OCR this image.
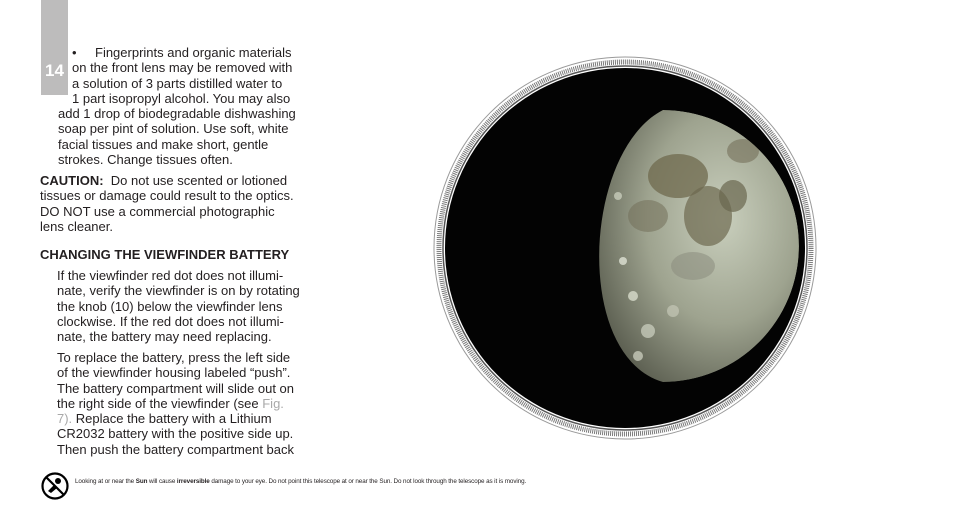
14
• Fingerprints and organic materials
on the front lens may be removed with
a solution of 3 parts distilled water to
1 part isopropyl alcohol. You may also
add 1 drop of biodegradable dishwashing
soap per pint of solution. Use soft, white
facial tissues and make short, gentle
strokes. Change tissues often.
CAUTION: Do not use scented or lotioned
tissues or damage could result to the optics.
DO NOT use a commercial photographic
lens cleaner.
CHANGING THE VIEWFINDER BATTERY
If the viewfinder red dot does not illumi-
nate, verify the viewfinder is on by rotating
the knob (10) below the viewfinder lens
clockwise. If the red dot does not illumi-
nate, the battery may need replacing.
To replace the battery, press the left side
of the viewfinder housing labeled “push”.
The battery compartment will slide out on
the right side of the viewfinder (see Fig.
7). Replace the battery with a Lithium
CR2032 battery with the positive side up.
Then push the battery compartment back
Looking at or near the Sun will cause irreversible damage to your eye. Do not point this telescope at or near the Sun. Do not look through the telescope as it is moving.
